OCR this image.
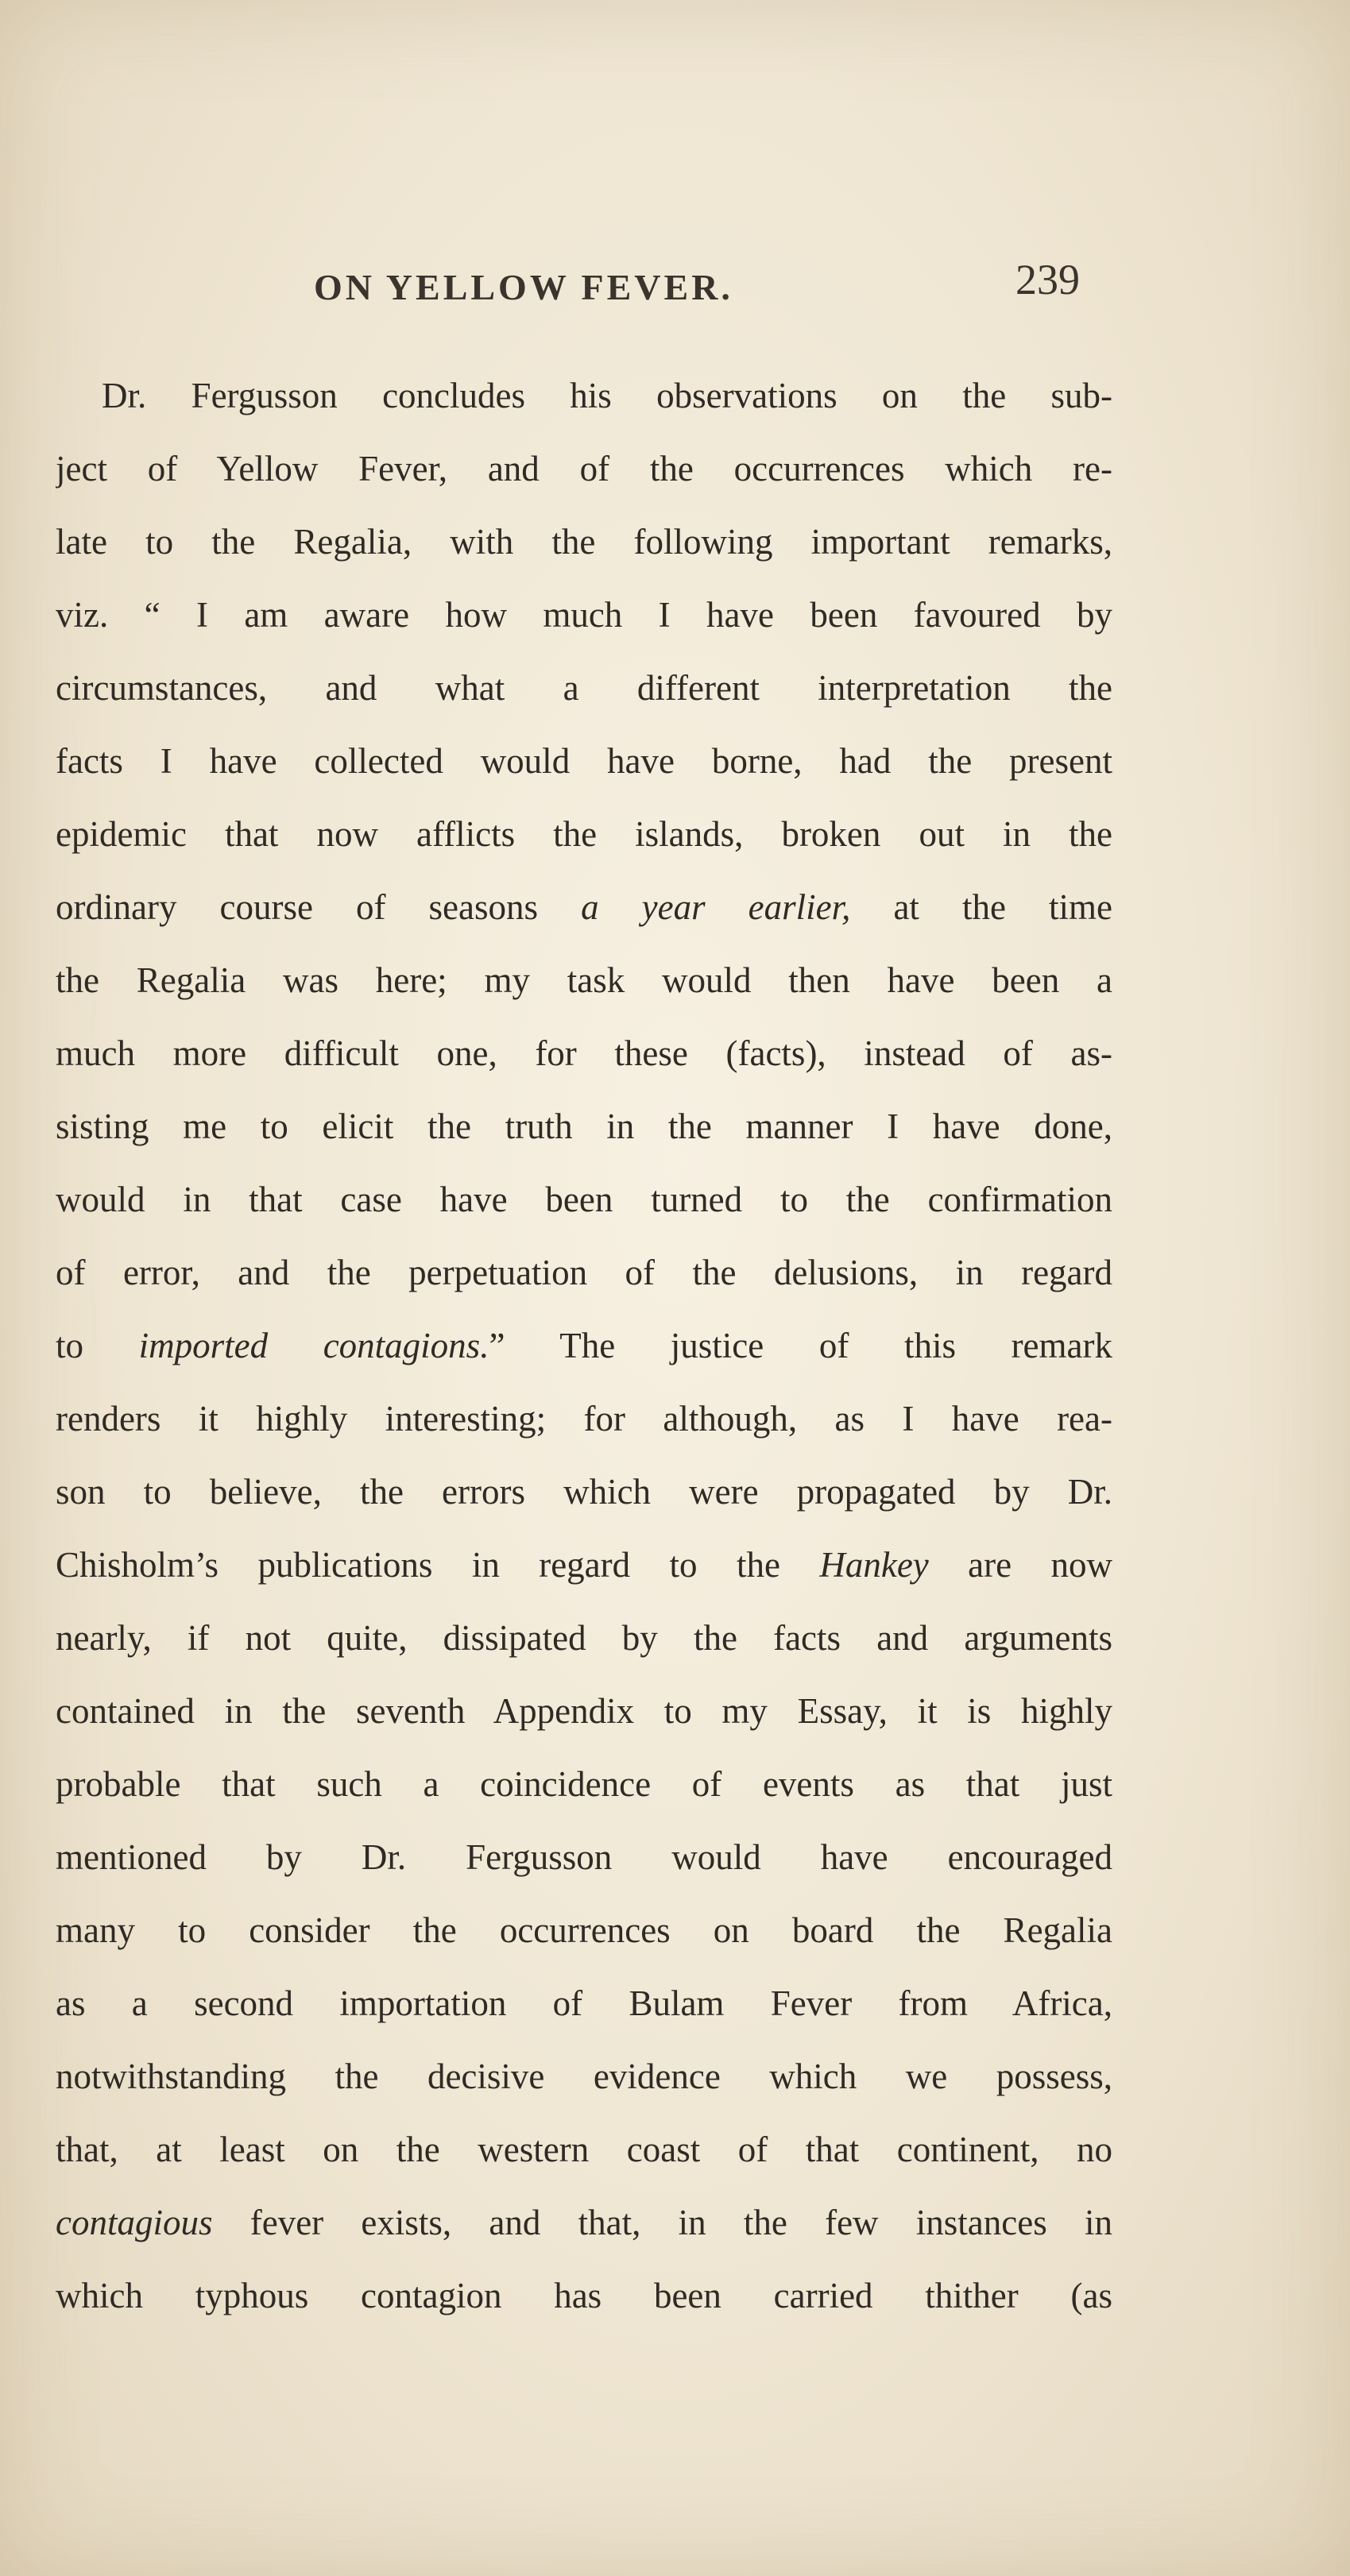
ON YELLOW FEVER.	239
Dr. Fergusson concludes his observations on the sub-
ject of Yellow Fever, and of the occurrences which re-
late to the Regalia, with the following important remarks,
viz. “ I am aware how much I have been favoured by
circumstances, and what a different interpretation the
facts I have collected would have borne, had the present
epidemic that now afflicts the islands, broken out in the
ordinary course of seasons a year earlier, at the time
the Regalia was here; my task would then have been a
much more difficult one, for these (facts), instead of as-
sisting me to elicit the truth in the manner I have done,
would in that case have been turned to the confirmation
of error, and the perpetuation of the delusions, in regard
to imported contagions.” The justice of this remark
renders it highly interesting; for although, as I have rea-
son to believe, the errors which were propagated by Dr.
Chisholm’s publications in regard to the Hankey are now
nearly, if not quite, dissipated by the facts and arguments
contained in the seventh Appendix to my Essay, it is highly
probable that such a coincidence of events as that just
mentioned by Dr. Fergusson would have encouraged
many to consider the occurrences on board the Regalia
as a second importation of Bulam Fever from Africa,
notwithstanding the decisive evidence which we possess,
that, at least on the western coast of that continent, no
contagious fever exists, and that, in the few instances in
which typhous contagion has been carried thither (as
